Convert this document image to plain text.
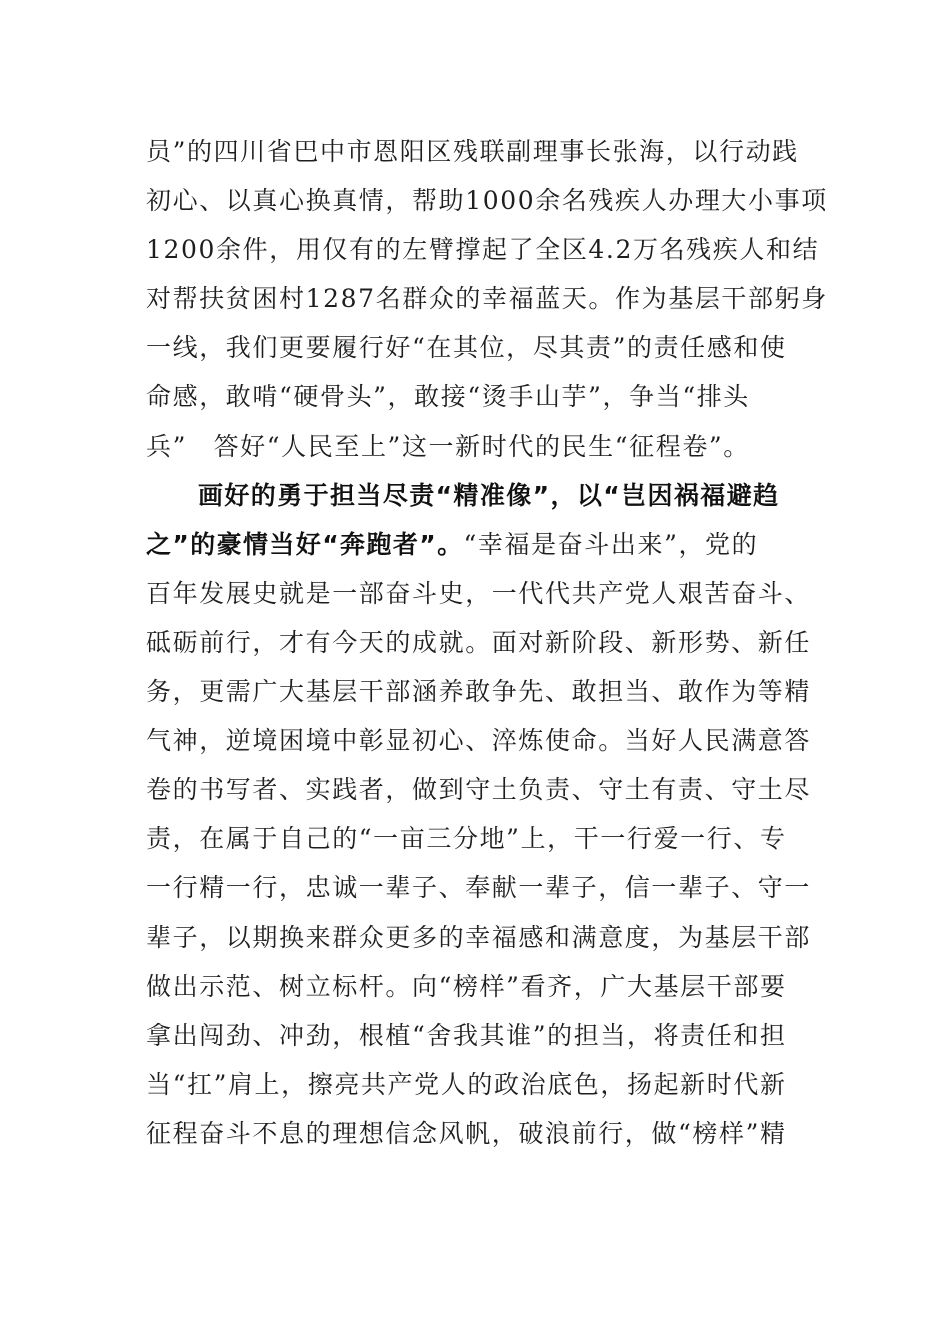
员”的四川省巴中市恩阳区残联副理事长张海，以行动践
初心、以真心换真情，帮助1000余名残疾人办理大小事项
1200余件，用仅有的左臂撑起了全区4.2万名残疾人和结
对帮扶贫困村1287名群众的幸福蓝天。作为基层干部躬身
一线，我们更要履行好“在其位，尽其责”的责任感和使
命感，敢啃“硬骨头”，敢接“烫手山芋”，争当“排头
兵”　答好“人民至上”这一新时代的民生“征程卷”。
画好的勇于担当尽责“精准像”，以“岂因祸福避趋
之”的豪情当好“奔跑者”。“幸福是奋斗出来”，党的
百年发展史就是一部奋斗史，一代代共产党人艰苦奋斗、
砥砺前行，才有今天的成就。面对新阶段、新形势、新任
务，更需广大基层干部涵养敢争先、敢担当、敢作为等精
气神，逆境困境中彰显初心、淬炼使命。当好人民满意答
卷的书写者、实践者，做到守土负责、守土有责、守土尽
责，在属于自己的“一亩三分地”上，干一行爱一行、专
一行精一行，忠诚一辈子、奉献一辈子，信一辈子、守一
辈子，以期换来群众更多的幸福感和满意度，为基层干部
做出示范、树立标杆。向“榜样”看齐，广大基层干部要
拿出闯劲、冲劲，根植“舍我其谁”的担当，将责任和担
当“扛”肩上，擦亮共产党人的政治底色，扬起新时代新
征程奋斗不息的理想信念风帆，破浪前行，做“榜样”精
